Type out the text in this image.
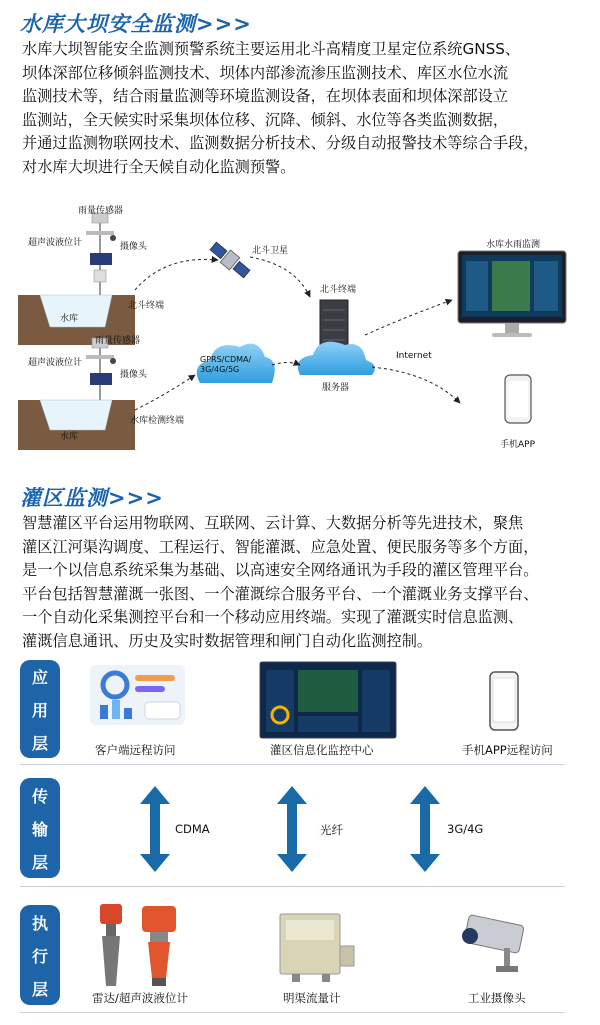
水库大坝安全监测>>>

水库大坝智能安全监测预警系统主要运用北斗高精度卫星定位系统GNSS、

坝体深部位移倾斜监测技术、坝体内部渗流渗压监测技术、库区水位水流

监测技术等，结合雨量监测等环境监测设备，在坝体表面和坝体深部设立

监测站，全天候实时采集坝体位移、沉降、倾斜、水位等各类监测数据，

并通过监测物联网技术、监测数据分析技术、分级自动报警技术等综合手段，

对水库大坝进行全天候自动化监测预警。

雨量传感器
超声波液位计	摄像头
水库
北斗终端
雨量传感器
超声波液位计
摄像头
水库
水库检测终端
北斗卫星
GPRS/CDMA/ 3G/4G/5G
北斗终端
服务器
Internet
水库水雨监测
手机APP
灌区监测>>>

智慧灌区平台运用物联网、互联网、云计算、大数据分析等先进技术，聚焦

灌区江河渠沟调度、工程运行、智能灌溉、应急处置、便民服务等多个方面，

是一个以信息系统采集为基础、以高速安全网络通讯为手段的灌区管理平台。

平台包括智慧灌溉一张图、一个灌溉综合服务平台、一个灌溉业务支撑平台、

一个自动化采集测控平台和一个移动应用终端。实现了灌溉实时信息监测、

灌溉信息通讯、历史及实时数据管理和闸门自动化监测控制。

应
用
层	客户端远程访问	灌区信息化监控中心	手机APP远程访问
传
输
层
CDMA	光纤	3G/4G
执
行
层	雷达/超声波液位计	明渠流量计	工业摄像头
